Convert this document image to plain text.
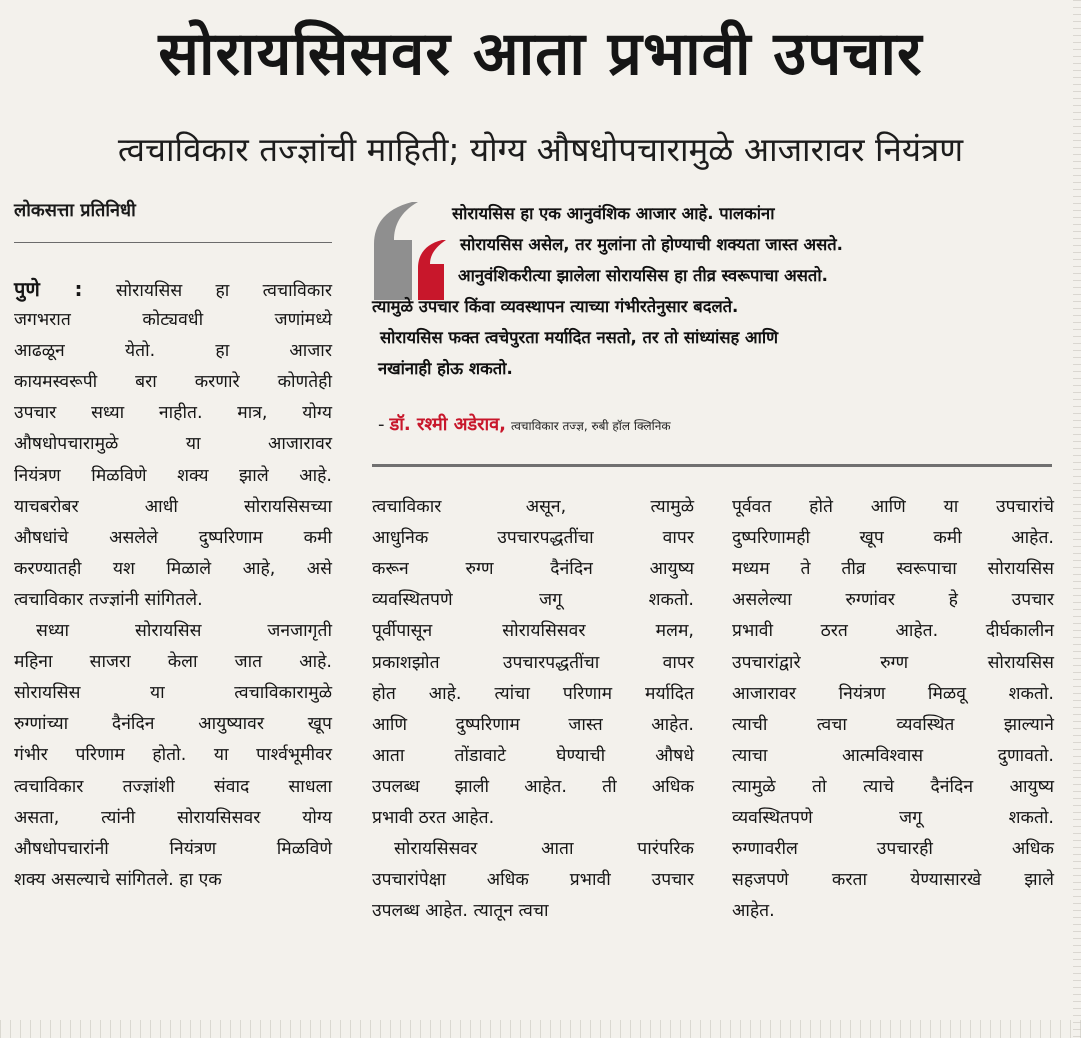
सोरायसिसवर आता प्रभावी उपचार
त्वचाविकार तज्ज्ञांची माहिती; योग्य औषधोपचारामुळे आजारावर नियंत्रण
लोकसत्ता प्रतिनिधी	सोरायसिस हा एक आनुवंशिक आजार आहे. पालकांना
सोरायसिस असेल, तर मुलांना तो होण्याची शक्यता जास्त असते.
आनुवंशिकरीत्या झालेला सोरायसिस हा तीव्र स्वरूपाचा असतो.
त्यामुळे उपचार किंवा व्यवस्थापन त्याच्या गंभीरतेनुसार बदलते.
सोरायसिस फक्त त्वचेपुरता मर्यादित नसतो, तर तो सांध्यांसह आणि
नखांनाही होऊ शकतो.
- डॉ. रश्मी अडेराव, त्वचाविकार तज्ज्ञ, रुबी हॉल क्लिनिक
पुणे : सोरायसिस हा त्वचाविकार
जगभरात कोट्यवधी जणांमध्ये
आढळून येतो. हा आजार
कायमस्वरूपी बरा करणारे कोणतेही
उपचार सध्या नाहीत. मात्र, योग्य
औषधोपचारामुळे या आजारावर
नियंत्रण मिळविणे शक्य झाले आहे.
याचबरोबर आधी सोरायसिसच्या
औषधांचे असलेले दुष्परिणाम कमी
करण्यातही यश मिळाले आहे, असे
त्वचाविकार तज्ज्ञांनी सांगितले.
सध्या सोरायसिस जनजागृती
महिना साजरा केला जात आहे.
सोरायसिस या त्वचाविकारामुळे
रुग्णांच्या दैनंदिन आयुष्यावर खूप
गंभीर परिणाम होतो. या पार्श्वभूमीवर
त्वचाविकार तज्ज्ञांशी संवाद साधला
असता, त्यांनी सोरायसिसवर योग्य
औषधोपचारांनी नियंत्रण मिळविणे
शक्य असल्याचे सांगितले. हा एक
त्वचाविकार असून, त्यामुळे
आधुनिक उपचारपद्धतींचा वापर
करून रुग्ण दैनंदिन आयुष्य
व्यवस्थितपणे जगू शकतो.
पूर्वीपासून सोरायसिसवर मलम,
प्रकाशझोत उपचारपद्धतींचा वापर
होत आहे. त्यांचा परिणाम मर्यादित
आणि दुष्परिणाम जास्त आहेत.
आता तोंडावाटे घेण्याची औषधे
उपलब्ध झाली आहेत. ती अधिक
प्रभावी ठरत आहेत.
सोरायसिसवर आता पारंपरिक
उपचारांपेक्षा अधिक प्रभावी उपचार
उपलब्ध आहेत. त्यातून त्वचा
पूर्ववत होते आणि या उपचारांचे
दुष्परिणामही खूप कमी आहेत.
मध्यम ते तीव्र स्वरूपाचा सोरायसिस
असलेल्या रुग्णांवर हे उपचार
प्रभावी ठरत आहेत. दीर्घकालीन
उपचारांद्वारे रुग्ण सोरायसिस
आजारावर नियंत्रण मिळवू शकतो.
त्याची त्वचा व्यवस्थित झाल्याने
त्याचा आत्मविश्वास दुणावतो.
त्यामुळे तो त्याचे दैनंदिन आयुष्य
व्यवस्थितपणे जगू शकतो.
रुग्णावरील उपचारही अधिक
सहजपणे करता येण्यासारखे झाले
आहेत.
